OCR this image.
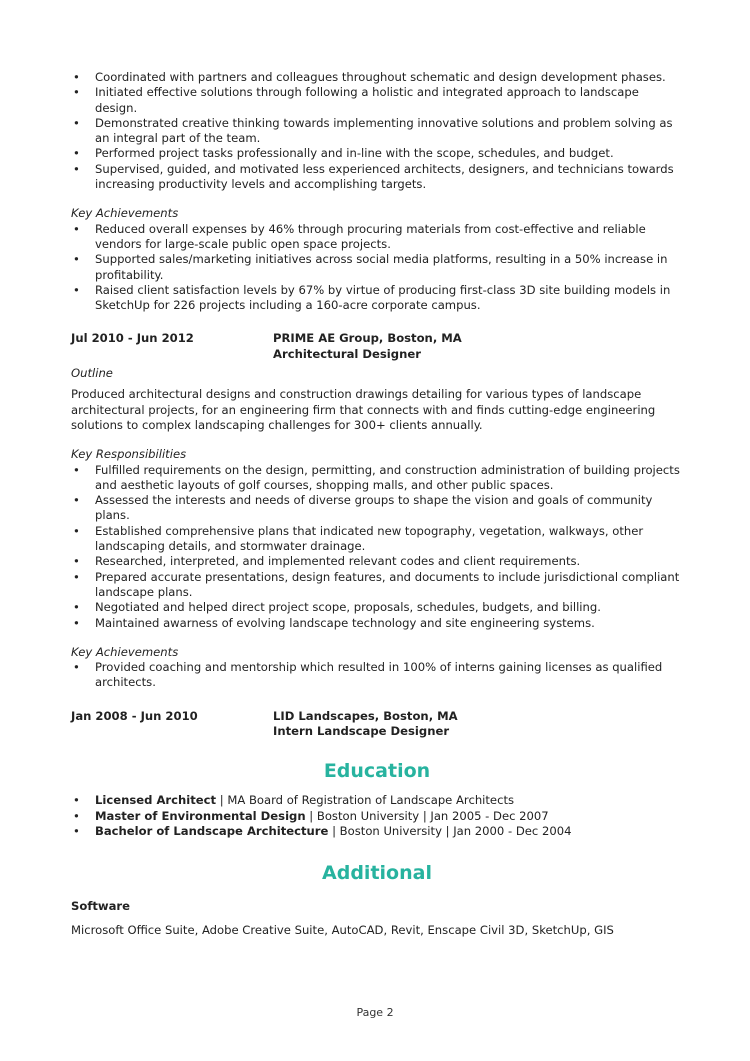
• Coordinated with partners and colleagues throughout schematic and design development phases.
• Initiated effective solutions through following a holistic and integrated approach to landscape design.
• Demonstrated creative thinking towards implementing innovative solutions and problem solving as an integral part of the team.
• Performed project tasks professionally and in-line with the scope, schedules, and budget.
• Supervised, guided, and motivated less experienced architects, designers, and technicians towards increasing productivity levels and accomplishing targets.
Key Achievements
• Reduced overall expenses by 46% through procuring materials from cost-effective and reliable vendors for large-scale public open space projects.
• Supported sales/marketing initiatives across social media platforms, resulting in a 50% increase in profitability.
• Raised client satisfaction levels by 67% by virtue of producing first-class 3D site building models in SketchUp for 226 projects including a 160-acre corporate campus.
Jul 2010 - Jun 2012	PRIME AE Group, Boston, MA
Architectural Designer
Outline

Produced architectural designs and construction drawings detailing for various types of landscape architectural projects, for an engineering firm that connects with and finds cutting-edge engineering solutions to complex landscaping challenges for 300+ clients annually.

Key Responsibilities
• Fulfilled requirements on the design, permitting, and construction administration of building projects and aesthetic layouts of golf courses, shopping malls, and other public spaces.
• Assessed the interests and needs of diverse groups to shape the vision and goals of community plans.
• Established comprehensive plans that indicated new topography, vegetation, walkways, other landscaping details, and stormwater drainage.
• Researched, interpreted, and implemented relevant codes and client requirements.
• Prepared accurate presentations, design features, and documents to include jurisdictional compliant landscape plans.
• Negotiated and helped direct project scope, proposals, schedules, budgets, and billing.
• Maintained awarness of evolving landscape technology and site engineering systems.
Key Achievements
• Provided coaching and mentorship which resulted in 100% of interns gaining licenses as qualified architects.
Jan 2008 - Jun 2010	LID Landscapes, Boston, MA
Intern Landscape Designer
Education
• Licensed Architect | MA Board of Registration of Landscape Architects
• Master of Environmental Design | Boston University | Jan 2005 - Dec 2007
• Bachelor of Landscape Architecture | Boston University | Jan 2000 - Dec 2004
Additional
Software
Microsoft Office Suite, Adobe Creative Suite, AutoCAD, Revit, Enscape Civil 3D, SketchUp, GIS
Page 2
